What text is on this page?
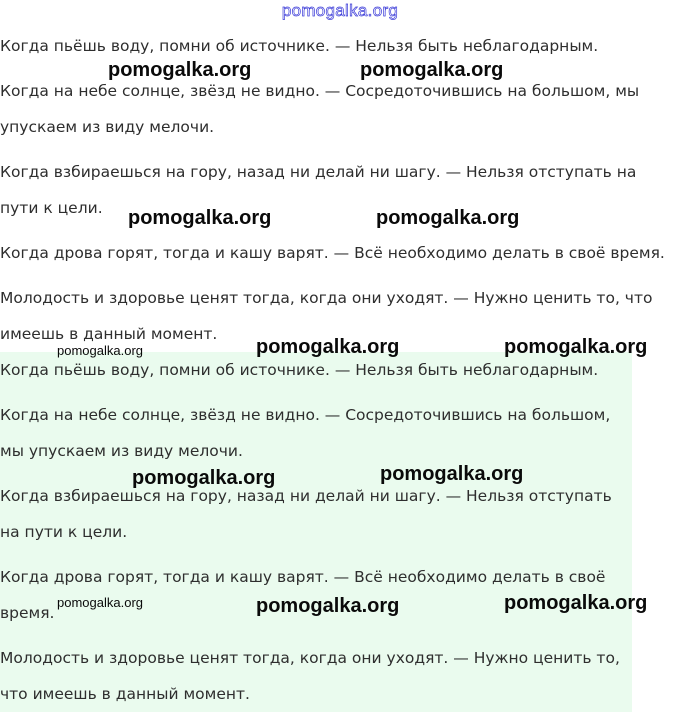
pomogalka.org
Когда пьёшь воду, помни об источнике. — Нельзя быть неблагодарным.
Когда на небе солнце, звёзд не видно. — Сосредоточившись на большом, мы
упускаем из виду мелочи.
Когда взбираешься на гору, назад ни делай ни шагу. — Нельзя отступать на
пути к цели.
Когда дрова горят, тогда и кашу варят. — Всё необходимо делать в своё время.
Молодость и здоровье ценят тогда, когда они уходят. — Нужно ценить то, что
имеешь в данный момент.
Когда пьёшь воду, помни об источнике. — Нельзя быть неблагодарным.
Когда на небе солнце, звёзд не видно. — Сосредоточившись на большом,
мы упускаем из виду мелочи.
Когда взбираешься на гору, назад ни делай ни шагу. — Нельзя отступать
на пути к цели.
Когда дрова горят, тогда и кашу варят. — Всё необходимо делать в своё
время.
Молодость и здоровье ценят тогда, когда они уходят. — Нужно ценить то,
что имеешь в данный момент.
pomogalka.org	pomogalka.org
pomogalka.org	pomogalka.org
pomogalka.org	pomogalka.org	pomogalka.org
pomogalka.org	pomogalka.org
pomogalka.org	pomogalka.org	pomogalka.org
